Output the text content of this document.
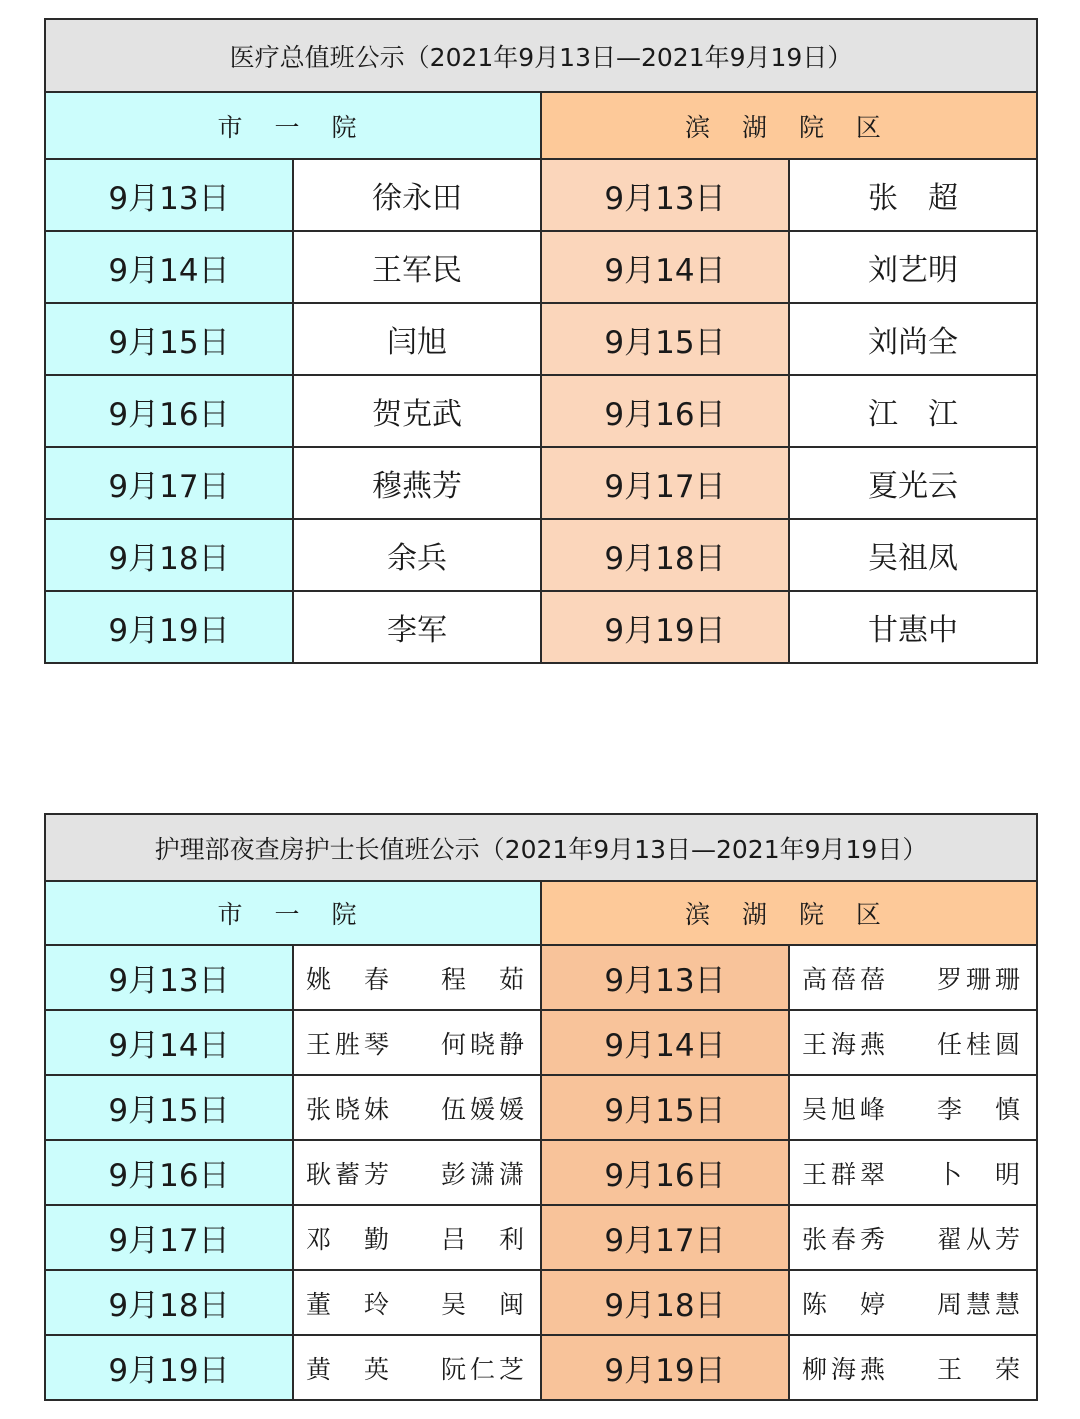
医疗总值班公示（2021年9月13日—2021年9月19日）			
市 一 院		滨 湖 院 区	
9月13日	徐永田	9月13日	张　超
9月14日	王军民	9月14日	刘艺明
9月15日	闫旭	9月15日	刘尚全
9月16日	贺克武	9月16日	江　江
9月17日	穆燕芳	9月17日	夏光云
9月18日	余兵	9月18日	吴祖凤
9月19日	李军	9月19日	甘惠中
护理部夜查房护士长值班公示（2021年9月13日—2021年9月19日）			
市 一 院		滨 湖 院 区	
9月13日	姚　春 程　茹	9月13日	高蓓蓓 罗珊珊

9月14日	王胜琴 何晓静	9月14日	王海燕 任桂圆

9月15日	张晓妹 伍媛媛	9月15日	吴旭峰 李　慎

9月16日	耿蓄芳 彭潇潇	9月16日	王群翠 卜　明

9月17日	邓　勤 吕　利	9月17日	张春秀 翟从芳

9月18日	董　玲 吴　闽	9月18日	陈　婷 周慧慧

9月19日	黄　英 阮仁芝	9月19日	柳海燕 王　荣
